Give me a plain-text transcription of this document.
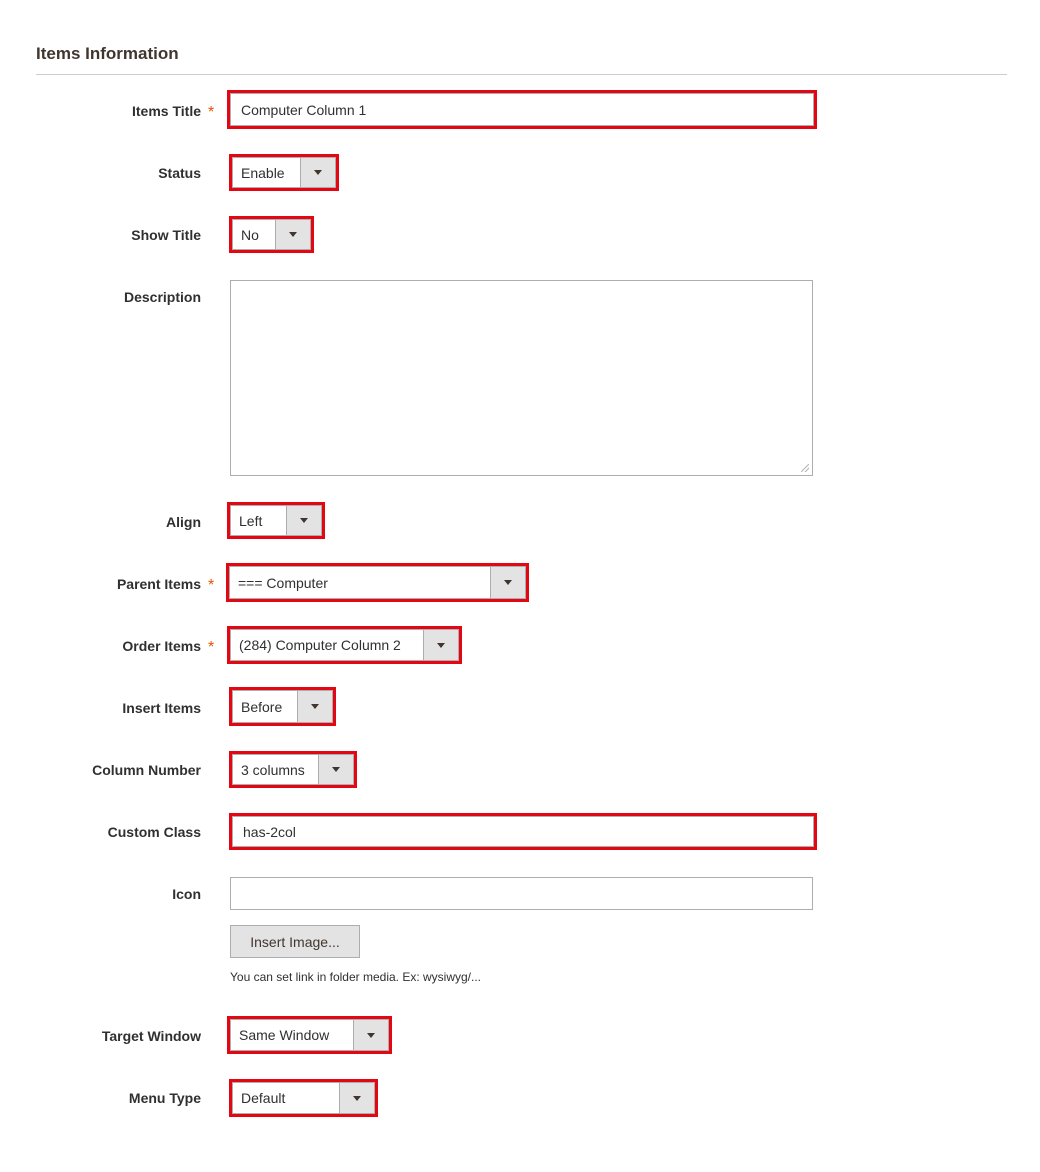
Items Information
Items Title *	Computer Column 1
Status	Enable
Show Title	No
Description
Align	Left
Parent Items *	=== Computer
Order Items *	(284) Computer Column 2
Insert Items	Before
Column Number	3 columns
Custom Class	has-2col
Icon
Insert Image...
You can set link in folder media. Ex: wysiwyg/...
Target Window	Same Window
Menu Type	Default
